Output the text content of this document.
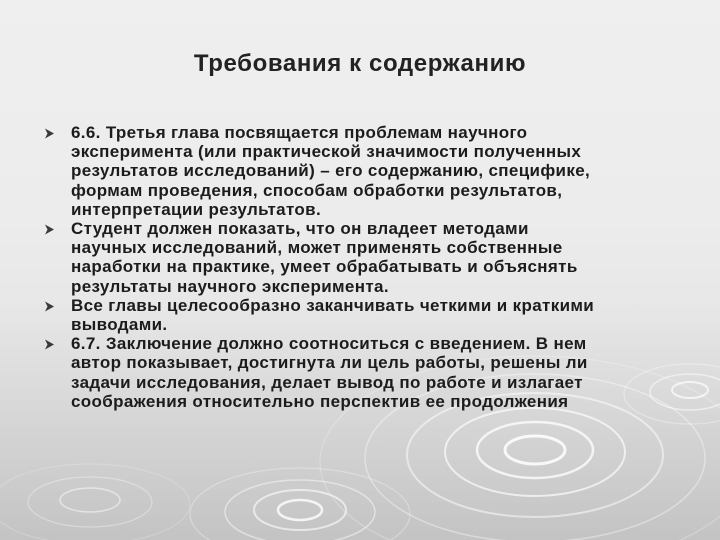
Требования к содержанию
6.6. Третья глава посвящается проблемам научного
эксперимента (или практической значимости полученных
результатов исследований) – его содержанию, специфике,
формам проведения, способам обработки результатов,
интерпретации результатов.
Студент должен показать, что он владеет методами
научных исследований, может применять собственные
наработки на практике, умеет обрабатывать и объяснять
результаты научного эксперимента.
Все главы целесообразно заканчивать четкими и краткими
выводами.
6.7. Заключение должно соотноситься с введением. В нем
автор показывает, достигнута ли цель работы, решены ли
задачи исследования, делает вывод по работе и излагает
соображения относительно перспектив ее продолжения
